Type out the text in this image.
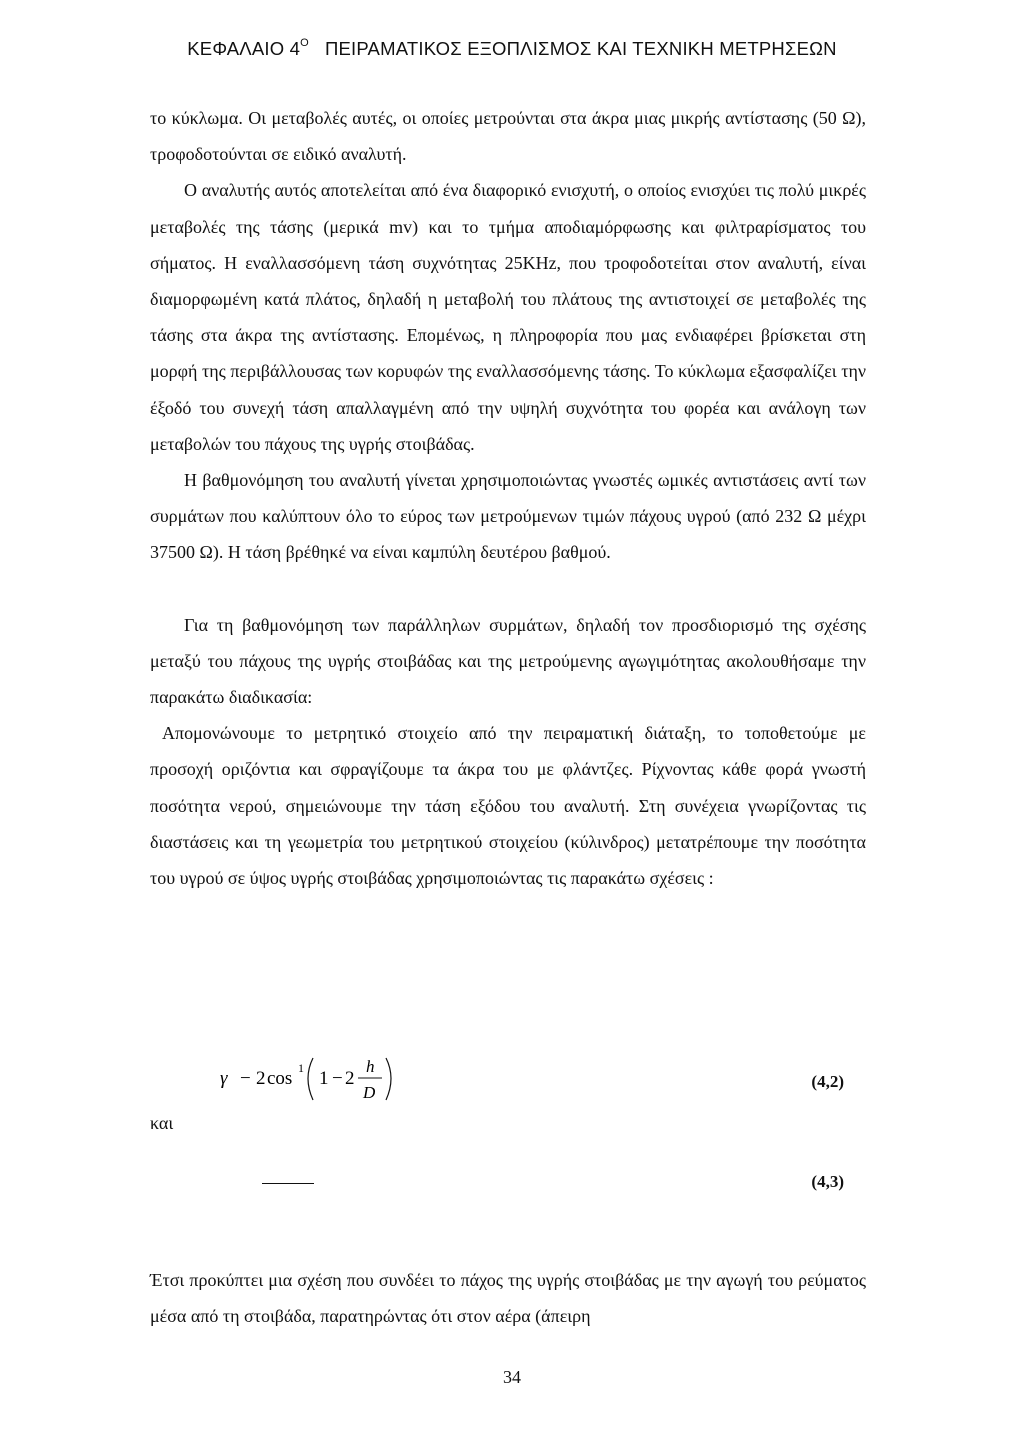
ΚΕΦΑΛΑΙΟ $4^O$ ΠΕΙΡΑΜΑΤΙΚΟΣ ΕΞΟΠΛΙΣΜΟΣ ΚΑΙ ΤΕΧΝΙΚΗ ΜΕΤΡΗΣΕΩΝ

το κύκλωμα. Οι μεταβολές αυτές, οι οποίες μετρούνται στα άκρα μιας μικρής αντίστασης (50 Ω), τροφοδοτούνται σε ειδικό αναλυτή.

Ο αναλυτής αυτός αποτελείται από ένα διαφορικό ενισχυτή, ο οποίος ενισχύει τις πολύ μικρές μεταβολές της τάσης (μερικά mv) και το τμήμα αποδιαμόρφωσης και φιλτραρίσματος του σήματος. Η εναλλασσόμενη τάση συχνότητας 25KHz, που τροφοδοτείται στον αναλυτή, είναι διαμορφωμένη κατά πλάτος, δηλαδή η μεταβολή του πλάτους της αντιστοιχεί σε μεταβολές της τάσης στα άκρα της αντίστασης. Επομένως, η πληροφορία που μας ενδιαφέρει βρίσκεται στη μορφή της περιβάλλουσας των κορυφών της εναλλασσόμενης τάσης. Το κύκλωμα εξασφαλίζει την έξοδό του συνεχή τάση απαλλαγμένη από την υψηλή συχνότητα του φορέα και ανάλογη των μεταβολών του πάχους της υγρής στοιβάδας.

Η βαθμονόμηση του αναλυτή γίνεται χρησιμοποιώντας γνωστές ωμικές αντιστάσεις αντί των συρμάτων που καλύπτουν όλο το εύρος των μετρούμενων τιμών πάχους υγρού (από 232 Ω μέχρι 37500 Ω). Η τάση βρέθηκέ να είναι καμπύλη δευτέρου βαθμού.

Για τη βαθμονόμηση των παράλληλων συρμάτων, δηλαδή τον προσδιορισμό της σχέσης μεταξύ του πάχους της υγρής στοιβάδας και της μετρούμενης αγωγιμότητας ακολουθήσαμε την παρακάτω διαδικασία:

Απομονώνουμε το μετρητικό στοιχείο από την πειραματική διάταξη, το τοποθετούμε με προσοχή οριζόντια και σφραγίζουμε τα άκρα του με φλάντζες. Ρίχνοντας κάθε φορά γνωστή ποσότητα νερού, σημειώνουμε την τάση εξόδου του αναλυτή. Στη συνέχεια γνωρίζοντας τις διαστάσεις και τη γεωμετρία του μετρητικού στοιχείου (κύλινδρος) μετατρέπουμε την ποσότητα του υγρού σε ύψος υγρής στοιβάδας χρησιμοποιώντας τις παρακάτω σχέσεις :

γ − 2 cos 1 1 − 2
h
D
(4,2)
και
(4,3)

Έτσι προκύπτει μια σχέση που συνδέει το πάχος της υγρής στοιβάδας με την αγωγή του ρεύματος μέσα από τη στοιβάδα, παρατηρώντας ότι στον αέρα (άπειρη

34
